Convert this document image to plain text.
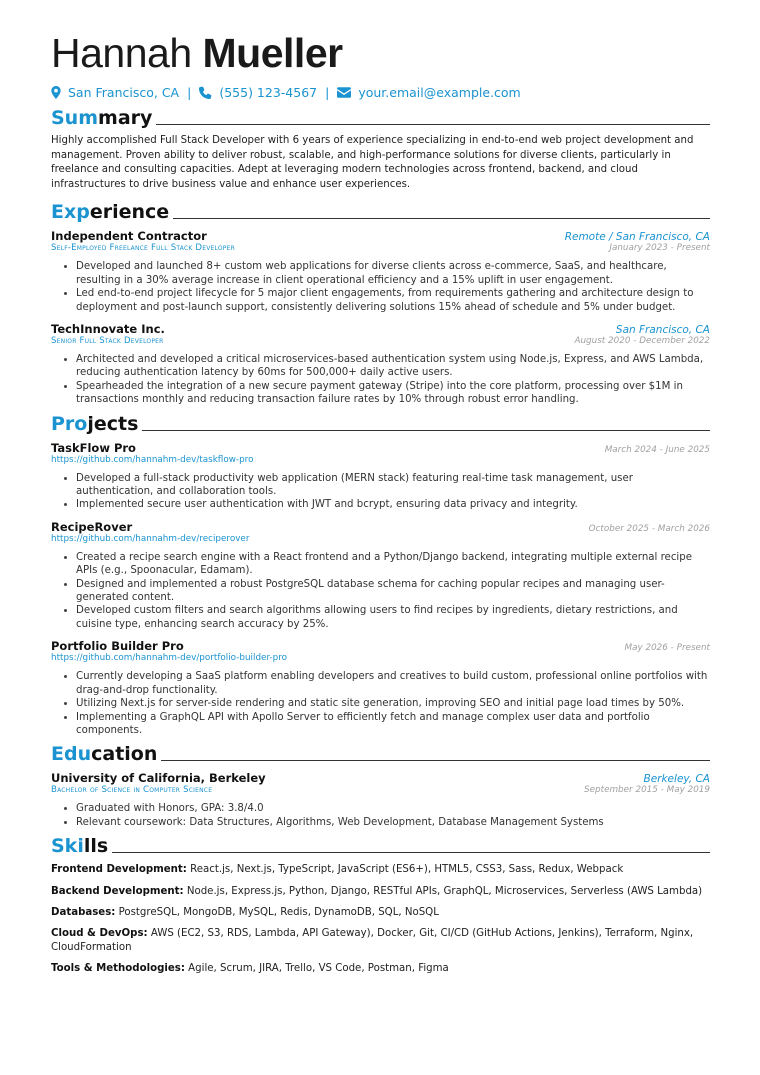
Hannah Mueller
San Francisco, CA | (555) 123-4567 | your.email@example.com
Summary
Highly accomplished Full Stack Developer with 6 years of experience specializing in end-to-end web project development and management. Proven ability to deliver robust, scalable, and high-performance solutions for diverse clients, particularly in freelance and consulting capacities. Adept at leveraging modern technologies across frontend, backend, and cloud infrastructures to drive business value and enhance user experiences.
Experience
Independent Contractor	Remote / San Francisco, CA
Self-Employed Freelance Full Stack Developer	January 2023 - Present
• Developed and launched 8+ custom web applications for diverse clients across e-commerce, SaaS, and healthcare, resulting in a 30% average increase in client operational efficiency and a 15% uplift in user engagement.
• Led end-to-end project lifecycle for 5 major client engagements, from requirements gathering and architecture design to deployment and post-launch support, consistently delivering solutions 15% ahead of schedule and 5% under budget.
TechInnovate Inc.	San Francisco, CA
Senior Full Stack Developer	August 2020 - December 2022
• Architected and developed a critical microservices-based authentication system using Node.js, Express, and AWS Lambda, reducing authentication latency by 60ms for 500,000+ daily active users.
• Spearheaded the integration of a new secure payment gateway (Stripe) into the core platform, processing over $1M in transactions monthly and reducing transaction failure rates by 10% through robust error handling.
Projects
TaskFlow Pro	March 2024 - June 2025
https://github.com/hannahm-dev/taskflow-pro
• Developed a full-stack productivity web application (MERN stack) featuring real-time task management, user authentication, and collaboration tools.
• Implemented secure user authentication with JWT and bcrypt, ensuring data privacy and integrity.
RecipeRover	October 2025 - March 2026
https://github.com/hannahm-dev/reciperover
• Created a recipe search engine with a React frontend and a Python/Django backend, integrating multiple external recipe APIs (e.g., Spoonacular, Edamam).
• Designed and implemented a robust PostgreSQL database schema for caching popular recipes and managing user-generated content.
• Developed custom filters and search algorithms allowing users to find recipes by ingredients, dietary restrictions, and cuisine type, enhancing search accuracy by 25%.
Portfolio Builder Pro	May 2026 - Present
https://github.com/hannahm-dev/portfolio-builder-pro
• Currently developing a SaaS platform enabling developers and creatives to build custom, professional online portfolios with drag-and-drop functionality.
• Utilizing Next.js for server-side rendering and static site generation, improving SEO and initial page load times by 50%.
• Implementing a GraphQL API with Apollo Server to efficiently fetch and manage complex user data and portfolio components.
Education
University of California, Berkeley	Berkeley, CA
Bachelor of Science in Computer Science	September 2015 - May 2019
• Graduated with Honors, GPA: 3.8/4.0
• Relevant coursework: Data Structures, Algorithms, Web Development, Database Management Systems
Skills
Frontend Development: React.js, Next.js, TypeScript, JavaScript (ES6+), HTML5, CSS3, Sass, Redux, Webpack
Backend Development: Node.js, Express.js, Python, Django, RESTful APIs, GraphQL, Microservices, Serverless (AWS Lambda)
Databases: PostgreSQL, MongoDB, MySQL, Redis, DynamoDB, SQL, NoSQL
Cloud & DevOps: AWS (EC2, S3, RDS, Lambda, API Gateway), Docker, Git, CI/CD (GitHub Actions, Jenkins), Terraform, Nginx, CloudFormation
Tools & Methodologies: Agile, Scrum, JIRA, Trello, VS Code, Postman, Figma
